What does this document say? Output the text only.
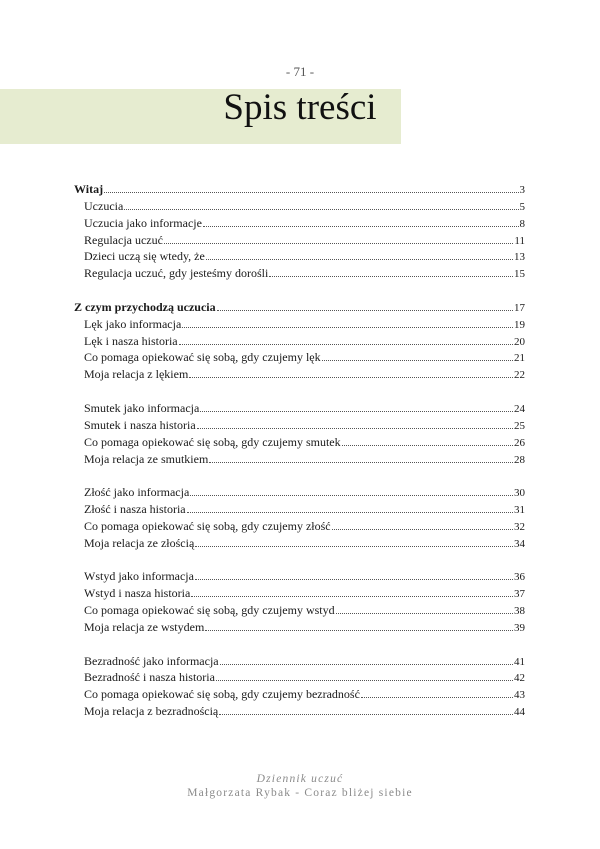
- 71 -
Spis treści
Witaj	3
Uczucia	5
Uczucia jako informacje	8
Regulacja uczuć	11
Dzieci uczą się wtedy, że	13
Regulacja uczuć, gdy jesteśmy dorośli	15
Z czym przychodzą uczucia	17
Lęk jako informacja	19
Lęk i nasza historia	20
Co pomaga opiekować się sobą, gdy czujemy lęk	21
Moja relacja z lękiem	22
Smutek jako informacja	24
Smutek i nasza historia	25
Co pomaga opiekować się sobą, gdy czujemy smutek	26
Moja relacja ze smutkiem	28
Złość jako informacja	30
Złość i nasza historia	31
Co pomaga opiekować się sobą, gdy czujemy złość	32
Moja relacja ze złością	34
Wstyd jako informacja	36
Wstyd i nasza historia	37
Co pomaga opiekować się sobą, gdy czujemy wstyd	38
Moja relacja ze wstydem	39
Bezradność jako informacja	41
Bezradność i nasza historia	42
Co pomaga opiekować się sobą, gdy czujemy bezradność	43
Moja relacja z bezradnością	44
Dziennik uczuć
Małgorzata Rybak - Coraz bliżej siebie
